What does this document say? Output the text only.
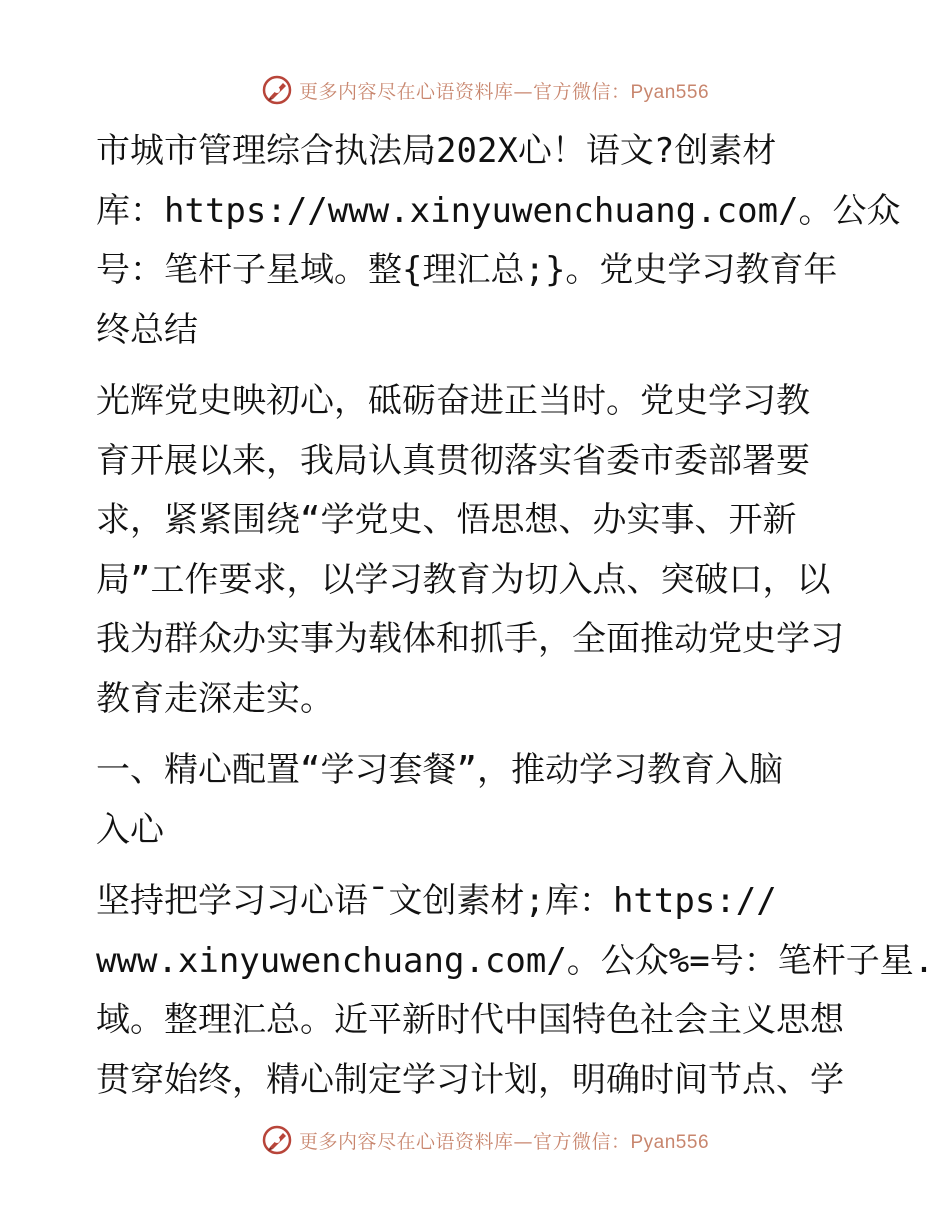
更多内容尽在心语资料库—官方微信：Pyan556
市城市管理综合执法局202X心！语文?创素材
库：https://www.xinyuwenchuang.com/。公众
号：笔杆子星域。整{理汇总;}。党史学习教育年
终总结
光辉党史映初心，砥砺奋进正当时。党史学习教
育开展以来，我局认真贯彻落实省委市委部署要
求，紧紧围绕“学党史、悟思想、办实事、开新
局”工作要求，以学习教育为切入点、突破口，以
我为群众办实事为载体和抓手，全面推动党史学习
教育走深走实。
一、精心配置“学习套餐”，推动学习教育入脑
入心
坚持把学习习心语¯文创素材;库：https://
www.xinyuwenchuang.com/。公众%=号：笔杆子星.
域。整理汇总。近平新时代中国特色社会主义思想
贯穿始终，精心制定学习计划，明确时间节点、学
更多内容尽在心语资料库—官方微信：Pyan556
